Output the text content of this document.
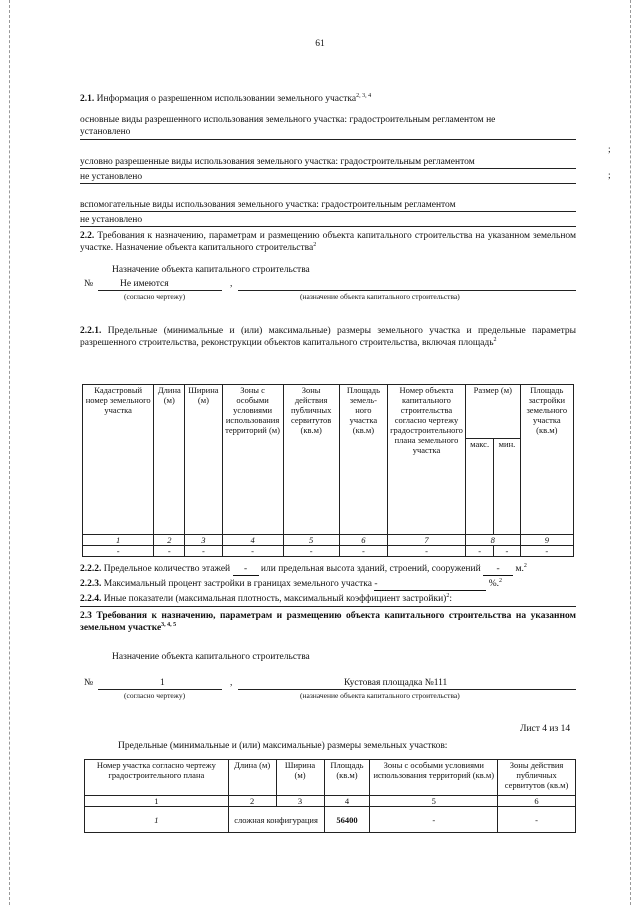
61
2.1. Информация о разрешенном использовании земельного участка$^{2, 3, 4}$
основные виды разрешенного использования земельного участка: градостроительным регламентом не
установлено
условно разрешенные виды использования земельного участка: градостроительным регламентом
не установлено
;
;
вспомогательные виды использования земельного участка: градостроительным регламентом
не установлено
2.2. Требования к назначению, параметрам и размещению объекта капитального строительства на указанном земельном участке. Назначение объекта капитального строительства$^2$
Назначение объекта капитального строительства
№	Не имеются	,
(согласно чертежу)	(назначение объекта капитального строительства)
2.2.1. Предельные (минимальные и (или) максимальные) размеры земельного участка и предельные параметры разрешенного строительства, реконструкции объектов капитального строительства, включая площадь$^2$
Кадастровый номер земельного участка	Длина (м)	Ширина (м)	Зоны с особыми условиями использования территорий (м)	Зоны действия публичных сервитутов (кв.м)	Площадь земель-ного участка (кв.м)	Номер объекта капитального строительства согласно чертежу градостроительного плана земельного участка	Размер (м)		Площадь застройки земельного участка (кв.м)
							макс.	мин.	
1	2	3	4	5	6	7	8		9
-	-	-	-	-	-	-	-	-	-
2.2.2. Предельное количество этажей - или предельная высота зданий, строений, сооружений - м.$^2$
2.2.3. Максимальный процент застройки в границах земельного участка -	%.$^2$
2.2.4. Иные показатели (максимальная плотность, максимальный коэффициент застройки)$^2$:
2.3 Требования к назначению, параметрам и размещению объекта капитального строительства на указанном земельном участке$^{3, 4, 5}$
Назначение объекта капитального строительства
№	1	,	Кустовая площадка №111
(согласно чертежу)	(назначение объекта капитального строительства)
Лист 4 из 14
Предельные (минимальные и (или) максимальные) размеры земельных участков:
Номер участка согласно чертежу градостроительного плана	Длина (м)	Ширина (м)	Площадь (кв.м)	Зоны с особыми условиями использования территорий (кв.м)	Зоны действия публичных сервитутов (кв.м)
1	2	3	4	5	6
1	сложная конфигурация		56400	-	-
